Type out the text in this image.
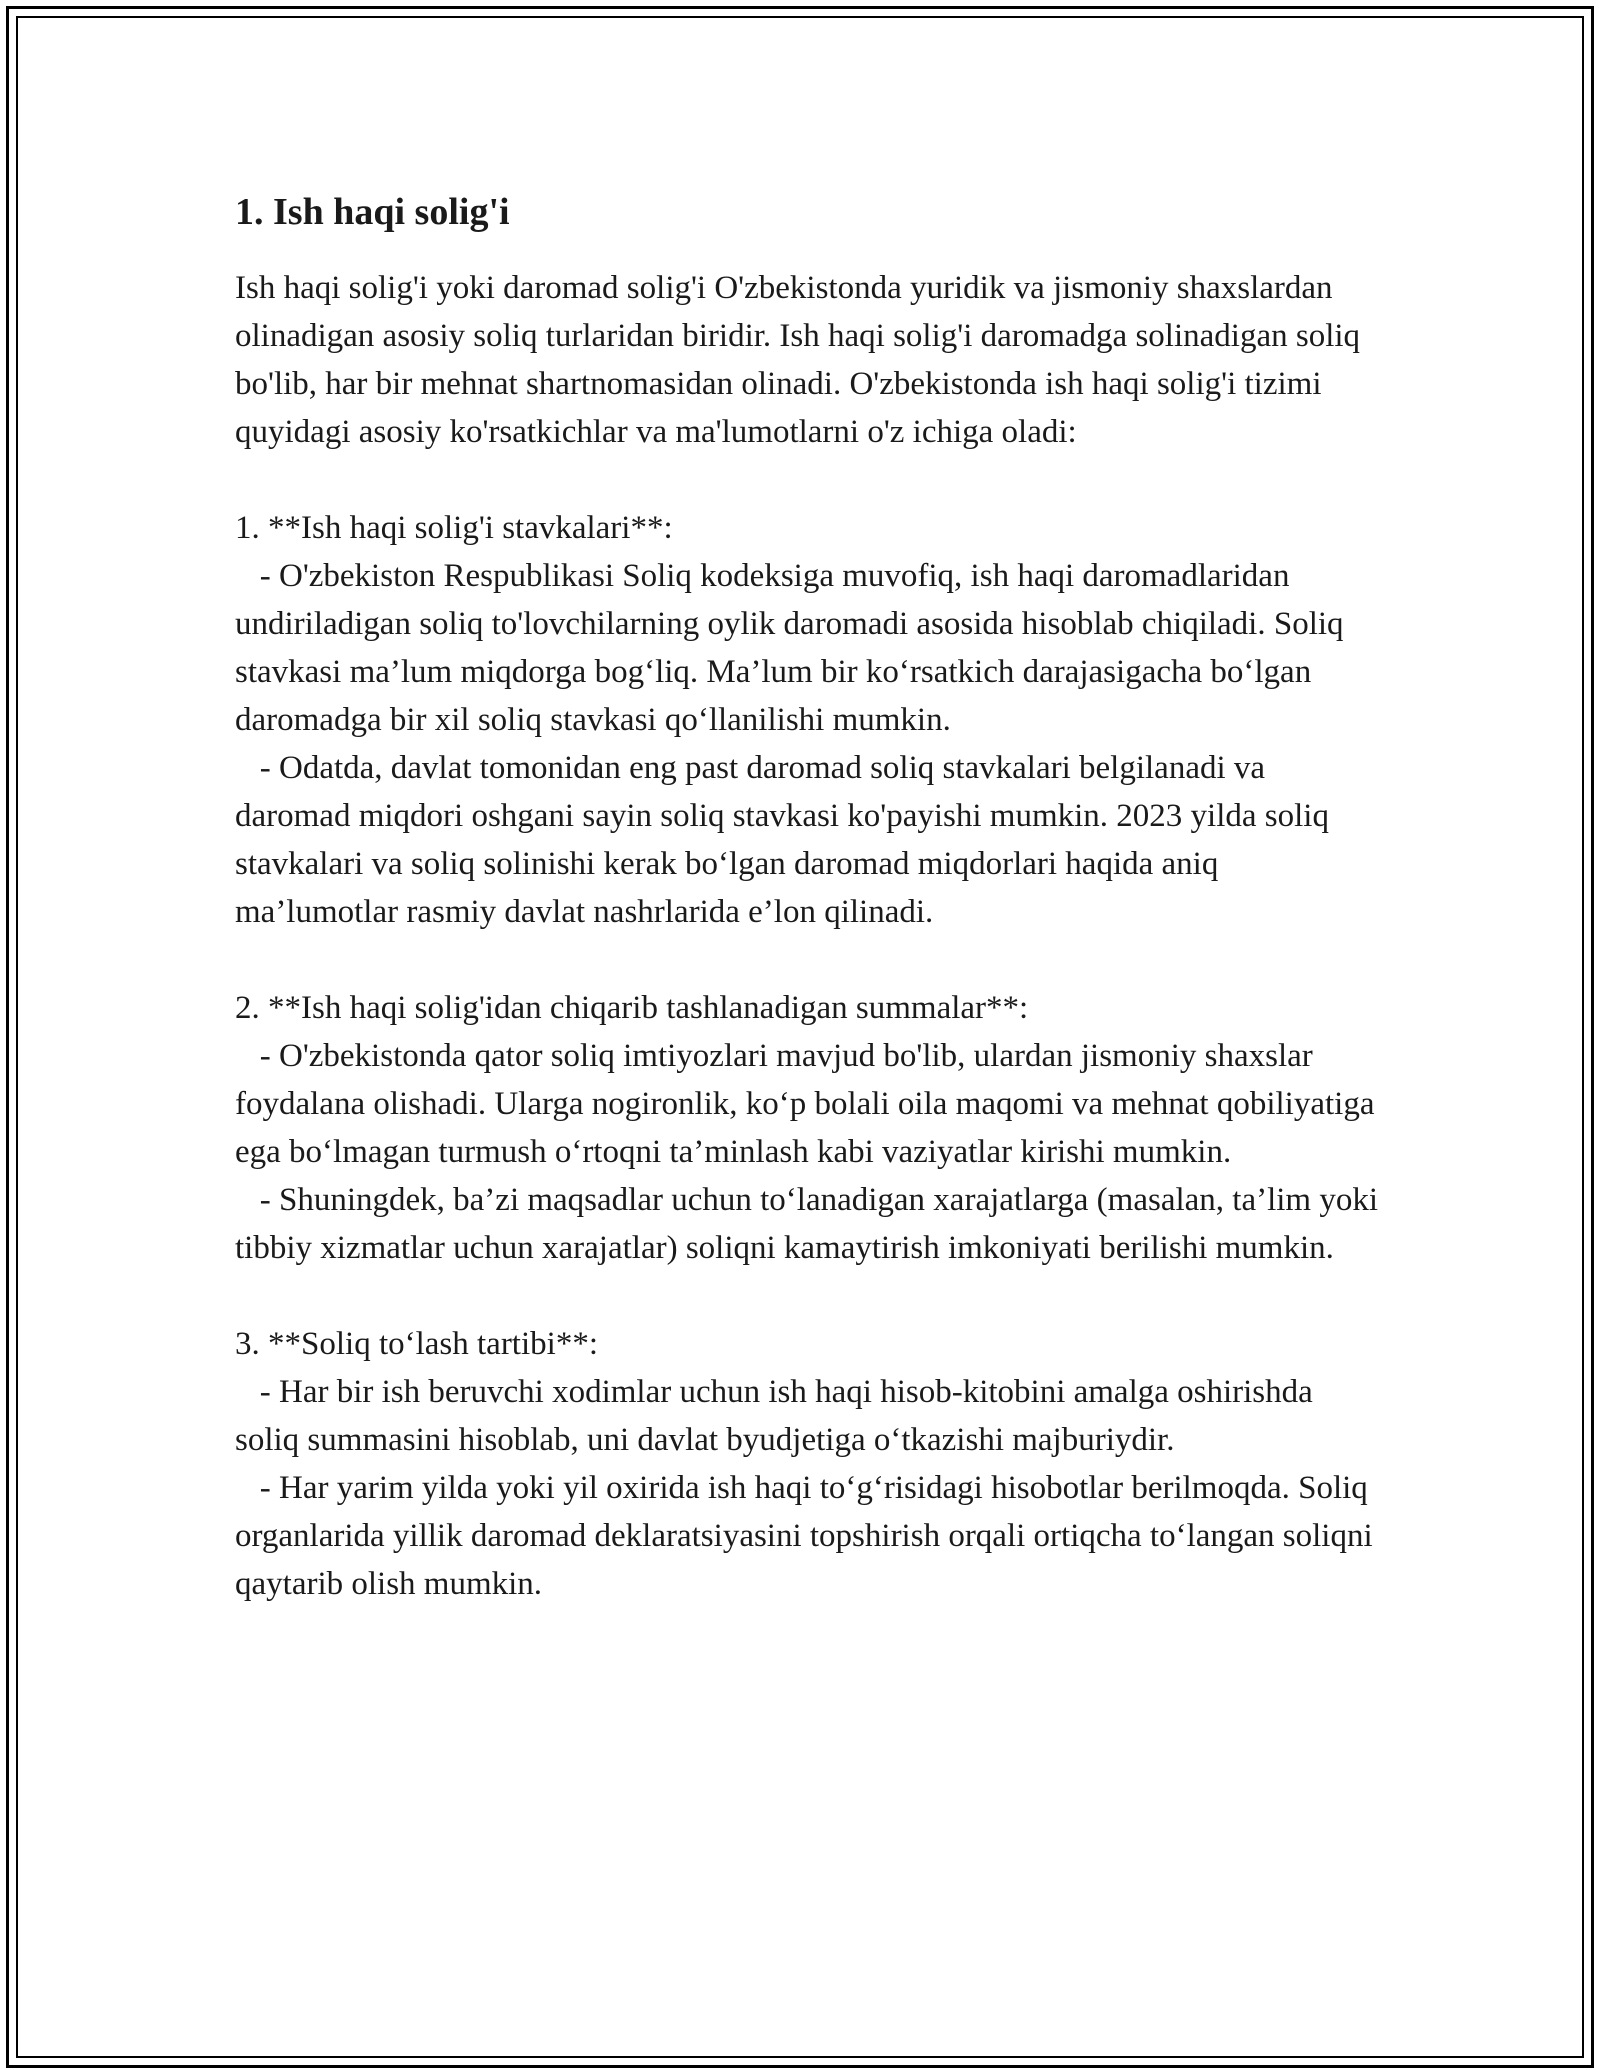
1. Ish haqi solig'i

Ish haqi solig'i yoki daromad solig'i O'zbekistonda yuridik va jismoniy shaxslardan olinadigan asosiy soliq turlaridan biridir. Ish haqi solig'i daromadga solinadigan soliq bo'lib, har bir mehnat shartnomasidan olinadi. O'zbekistonda ish haqi solig'i tizimi quyidagi asosiy ko'rsatkichlar va ma'lumotlarni o'z ichiga oladi:

1. **Ish haqi solig'i stavkalari**:

- O'zbekiston Respublikasi Soliq kodeksiga muvofiq, ish haqi daromadlaridan undiriladigan soliq to'lovchilarning oylik daromadi asosida hisoblab chiqiladi. Soliq stavkasi ma’lum miqdorga bog‘liq. Ma’lum bir ko‘rsatkich darajasigacha bo‘lgan daromadga bir xil soliq stavkasi qo‘llanilishi mumkin.

- Odatda, davlat tomonidan eng past daromad soliq stavkalari belgilanadi va daromad miqdori oshgani sayin soliq stavkasi ko'payishi mumkin. 2023 yilda soliq stavkalari va soliq solinishi kerak bo‘lgan daromad miqdorlari haqida aniq ma’lumotlar rasmiy davlat nashrlarida e’lon qilinadi.

2. **Ish haqi solig'idan chiqarib tashlanadigan summalar**:

- O'zbekistonda qator soliq imtiyozlari mavjud bo'lib, ulardan jismoniy shaxslar foydalana olishadi. Ularga nogironlik, ko‘p bolali oila maqomi va mehnat qobiliyatiga ega bo‘lmagan turmush o‘rtoqni ta’minlash kabi vaziyatlar kirishi mumkin.

- Shuningdek, ba’zi maqsadlar uchun to‘lanadigan xarajatlarga (masalan, ta’lim yoki tibbiy xizmatlar uchun xarajatlar) soliqni kamaytirish imkoniyati berilishi mumkin.

3. **Soliq to‘lash tartibi**:

- Har bir ish beruvchi xodimlar uchun ish haqi hisob-kitobini amalga oshirishda soliq summasini hisoblab, uni davlat byudjetiga o‘tkazishi majburiydir.

- Har yarim yilda yoki yil oxirida ish haqi to‘g‘risidagi hisobotlar berilmoqda. Soliq organlarida yillik daromad deklaratsiyasini topshirish orqali ortiqcha to‘langan soliqni qaytarib olish mumkin.
